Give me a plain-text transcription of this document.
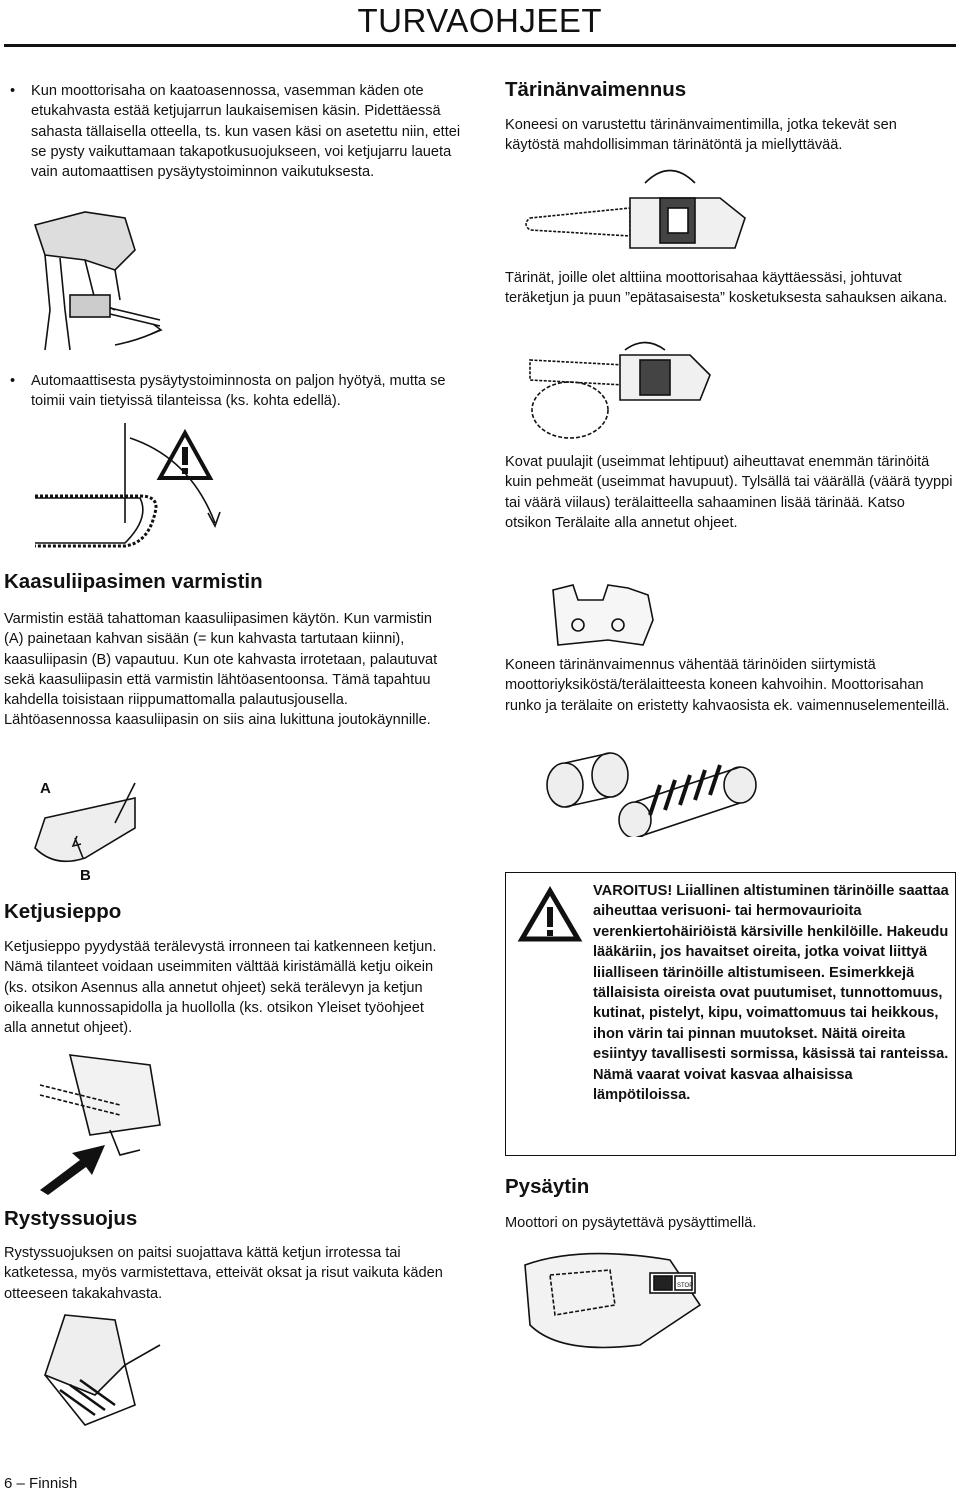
TURVAOHJEET

• Kun moottorisaha on kaatoasennossa, vasemman käden ote etukahvasta estää ketjujarrun laukaisemisen käsin. Pidettäessä sahasta tällaisella otteella, ts. kun vasen käsi on asetettu niin, ettei se pysty vaikuttamaan takapotkusuojukseen, voi ketjujarru laueta vain automaattisen pysäytystoiminnon vaikutuksesta.

• Automaattisesta pysäytystoiminnosta on paljon hyötyä, mutta se toimii vain tietyissä tilanteissa (ks. kohta edellä).

Kaasuliipasimen varmistin

Varmistin estää tahattoman kaasuliipasimen käytön. Kun varmistin (A) painetaan kahvan sisään (= kun kahvasta tartutaan kiinni), kaasuliipasin (B) vapautuu. Kun ote kahvasta irrotetaan, palautuvat sekä kaasuliipasin että varmistin lähtöasentoonsa. Tämä tapahtuu kahdella toisistaan riippumattomalla palautusjousella. Lähtöasennossa kaasuliipasin on siis aina lukittuna joutokäynnille.

A
B
Ketjusieppo

Ketjusieppo pyydystää terälevystä irronneen tai katkenneen ketjun. Nämä tilanteet voidaan useimmiten välttää kiristämällä ketju oikein (ks. otsikon Asennus alla annetut ohjeet) sekä terälevyn ja ketjun oikealla kunnossapidolla ja huollolla (ks. otsikon Yleiset työohjeet alla annetut ohjeet).

Rystyssuojus

Rystyssuojuksen on paitsi suojattava kättä ketjun irrotessa tai katketessa, myös varmistettava, etteivät oksat ja risut vaikuta käden otteeseen takakahvasta.

6 – Finnish
Tärinänvaimennus

Koneesi on varustettu tärinänvaimentimilla, jotka tekevät sen käytöstä mahdollisimman tärinätöntä ja miellyttävää.

Tärinät, joille olet alttiina moottorisahaa käyttäessäsi, johtuvat teräketjun ja puun ”epätasaisesta” kosketuksesta sahauksen aikana.

Kovat puulajit (useimmat lehtipuut) aiheuttavat enemmän tärinöitä kuin pehmeät (useimmat havupuut). Tylsällä tai väärällä (väärä tyyppi tai väärä viilaus) terälaitteella sahaaminen lisää tärinää. Katso otsikon Terälaite alla annetut ohjeet.

Koneen tärinänvaimennus vähentää tärinöiden siirtymistä moottoriyksiköstä/terälaitteesta koneen kahvoihin. Moottorisahan runko ja terälaite on eristetty kahvaosista ek. vaimennuselementeillä.

VAROITUS! Liiallinen altistuminen tärinöille saattaa aiheuttaa verisuoni- tai hermovaurioita verenkiertohäiriöistä kärsiville henkilöille. Hakeudu lääkäriin, jos havaitset oireita, jotka voivat liittyä liialliseen tärinöille altistumiseen. Esimerkkejä tällaisista oireista ovat puutumiset, tunnottomuus, kutinat, pistelyt, kipu, voimattomuus tai heikkous, ihon värin tai pinnan muutokset. Näitä oireita esiintyy tavallisesti sormissa, käsissä tai ranteissa. Nämä vaarat voivat kasvaa alhaisissa lämpötiloissa.

Pysäytin

Moottori on pysäytettävä pysäyttimellä.

STOP
